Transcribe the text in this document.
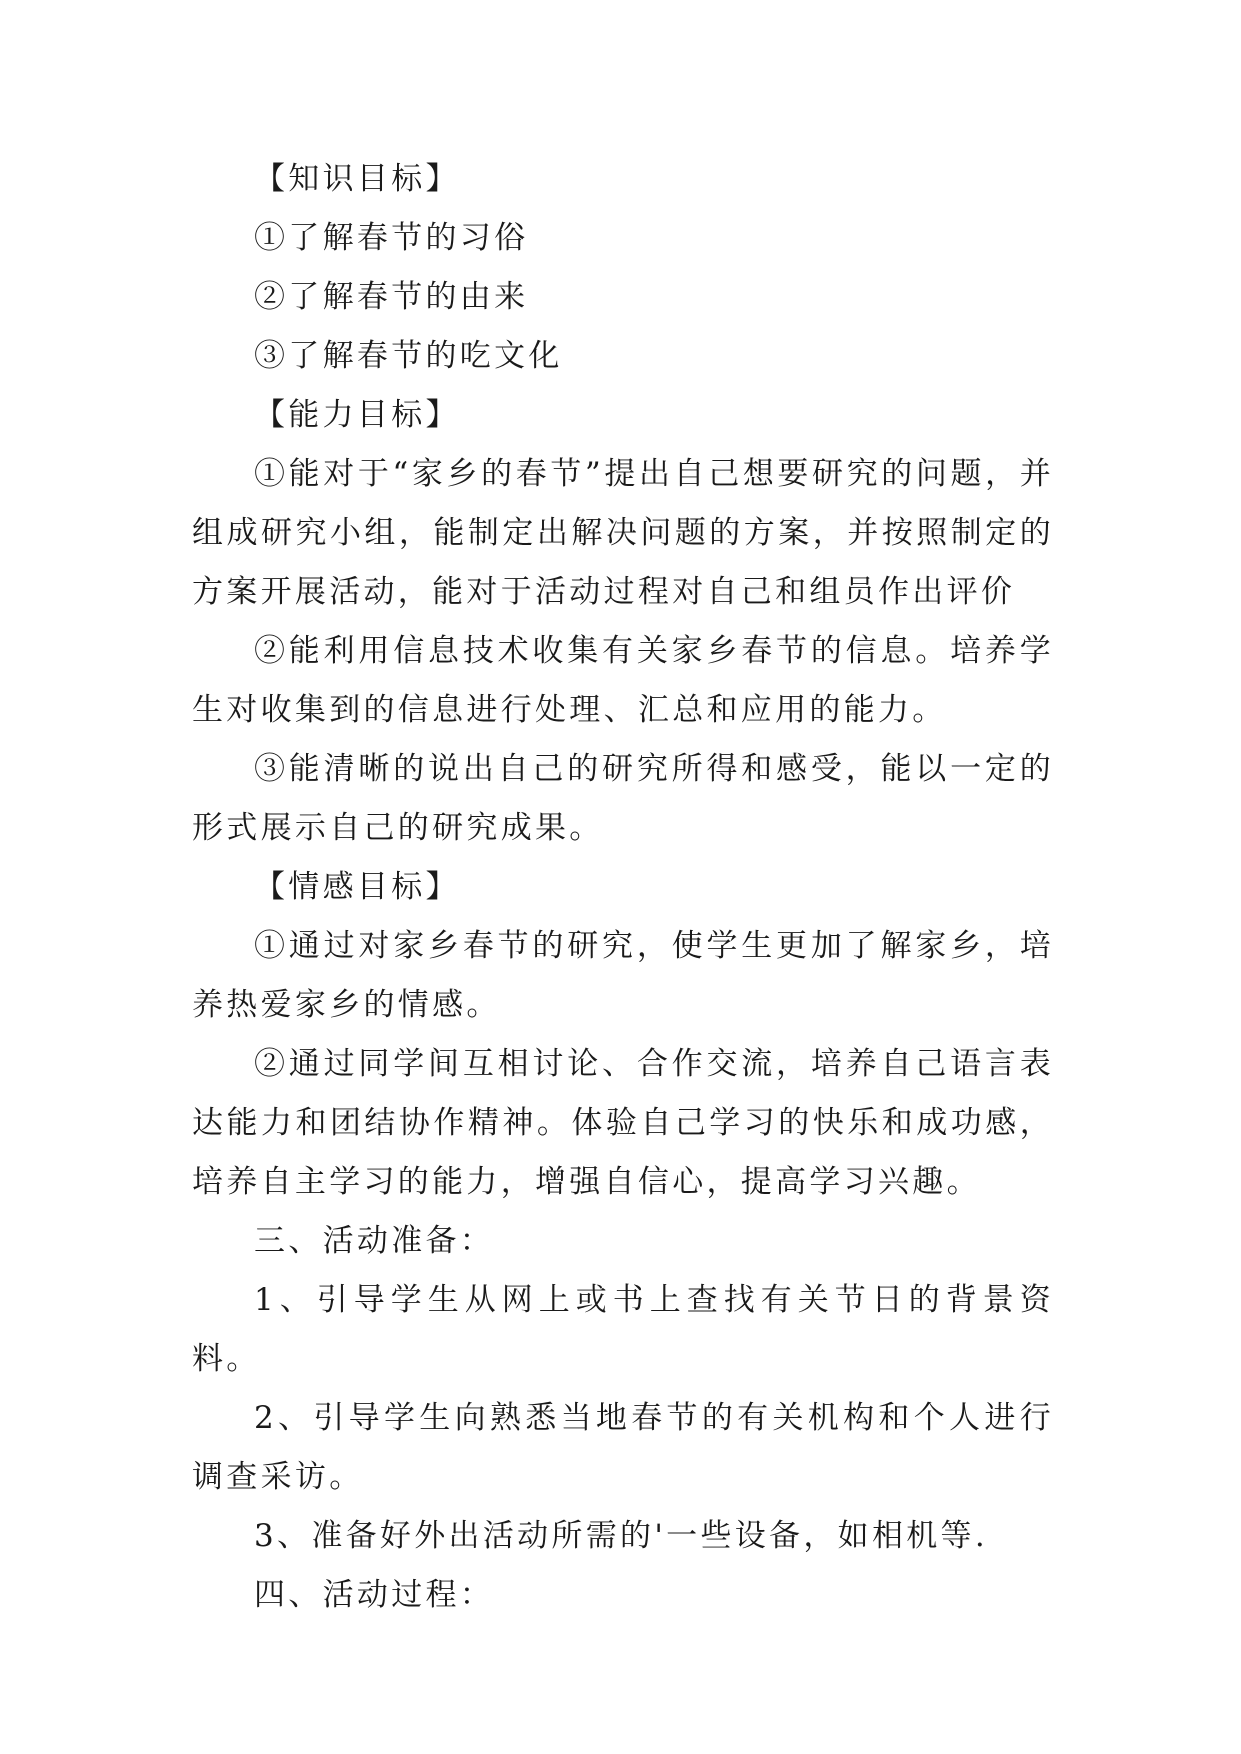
【知识目标】

①了解春节的习俗

②了解春节的由来

③了解春节的吃文化

【能力目标】

①能对于“家乡的春节”提出自己想要研究的问题，并组成研究小组，能制定出解决问题的方案，并按照制定的方案开展活动，能对于活动过程对自己和组员作出评价

②能利用信息技术收集有关家乡春节的信息。培养学生对收集到的信息进行处理、汇总和应用的能力。

③能清晰的说出自己的研究所得和感受，能以一定的形式展示自己的研究成果。

【情感目标】

①通过对家乡春节的研究，使学生更加了解家乡，培养热爱家乡的情感。

②通过同学间互相讨论、合作交流，培养自己语言表达能力和团结协作精神。体验自己学习的快乐和成功感，培养自主学习的能力，增强自信心，提高学习兴趣。

三、活动准备：

1、引导学生从网上或书上查找有关节日的背景资料。

2、引导学生向熟悉当地春节的有关机构和个人进行调查采访。

3、准备好外出活动所需的'一些设备，如相机等.

四、活动过程：
